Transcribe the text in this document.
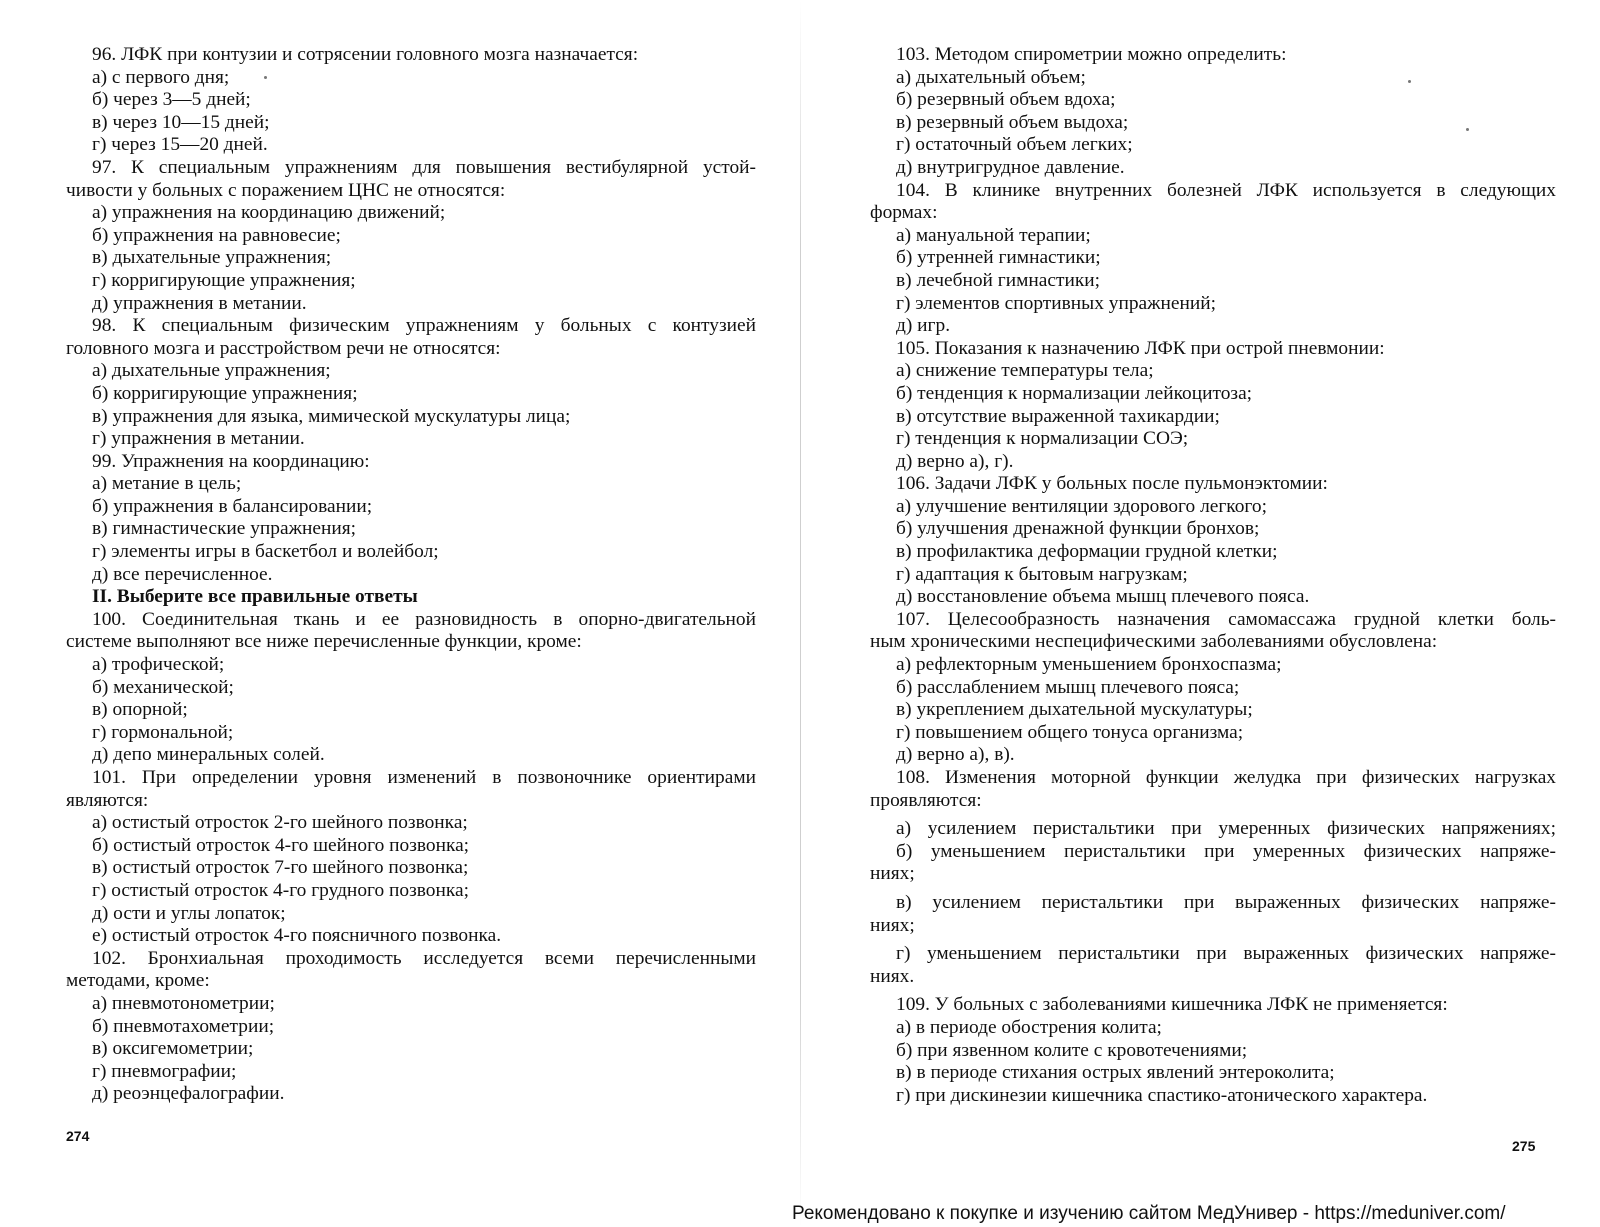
96. ЛФК при контузии и сотрясении головного мозга назначается:
а) с первого дня;
б) через 3—5 дней;
в) через 10—15 дней;
г) через 15—20 дней.
97. К специальным упражнениям для повышения вестибулярной устой-
чивости у больных с поражением ЦНС не относятся:
а) упражнения на координацию движений;
б) упражнения на равновесие;
в) дыхательные упражнения;
г) корригирующие упражнения;
д) упражнения в метании.
98. К специальным физическим упражнениям у больных с контузией
головного мозга и расстройством речи не относятся:
а) дыхательные упражнения;
б) корригирующие упражнения;
в) упражнения для языка, мимической мускулатуры лица;
г) упражнения в метании.
99. Упражнения на координацию:
а) метание в цель;
б) упражнения в балансировании;
в) гимнастические упражнения;
г) элементы игры в баскетбол и волейбол;
д) все перечисленное.
II. Выберите все правильные ответы
100. Соединительная ткань и ее разновидность в опорно-двигательной
системе выполняют все ниже перечисленные функции, кроме:
а) трофической;
б) механической;
в) опорной;
г) гормональной;
д) депо минеральных солей.
101. При определении уровня изменений в позвоночнике ориентирами
являются:
а) остистый отросток 2-го шейного позвонка;
б) остистый отросток 4-го шейного позвонка;
в) остистый отросток 7-го шейного позвонка;
г) остистый отросток 4-го грудного позвонка;
д) ости и углы лопаток;
е) остистый отросток 4-го поясничного позвонка.
102. Бронхиальная проходимость исследуется всеми перечисленными
методами, кроме:
а) пневмотонометрии;
б) пневмотахометрии;
в) оксигемометрии;
г) пневмографии;
д) реоэнцефалографии.
103. Методом спирометрии можно определить:
а) дыхательный объем;
б) резервный объем вдоха;
в) резервный объем выдоха;
г) остаточный объем легких;
д) внутригрудное давление.
104. В клинике внутренних болезней ЛФК используется в следующих
формах:
а) мануальной терапии;
б) утренней гимнастики;
в) лечебной гимнастики;
г) элементов спортивных упражнений;
д) игр.
105. Показания к назначению ЛФК при острой пневмонии:
а) снижение температуры тела;
б) тенденция к нормализации лейкоцитоза;
в) отсутствие выраженной тахикардии;
г) тенденция к нормализации СОЭ;
д) верно а), г).
106. Задачи ЛФК у больных после пульмонэктомии:
а) улучшение вентиляции здорового легкого;
б) улучшения дренажной функции бронхов;
в) профилактика деформации грудной клетки;
г) адаптация к бытовым нагрузкам;
д) восстановление объема мышц плечевого пояса.
107. Целесообразность назначения самомассажа грудной клетки боль-
ным хроническими неспецифическими заболеваниями обусловлена:
а) рефлекторным уменьшением бронхоспазма;
б) расслаблением мышц плечевого пояса;
в) укреплением дыхательной мускулатуры;
г) повышением общего тонуса организма;
д) верно а), в).
108. Изменения моторной функции желудка при физических нагрузках
проявляются:
а) усилением перистальтики при умеренных физических напряжениях;
б) уменьшением перистальтики при умеренных физических напряже-
ниях;
в) усилением перистальтики при выраженных физических напряже-
ниях;
г) уменьшением перистальтики при выраженных физических напряже-
ниях.
109. У больных с заболеваниями кишечника ЛФК не применяется:
а) в периоде обострения колита;
б) при язвенном колите с кровотечениями;
в) в периоде стихания острых явлений энтероколита;
г) при дискинезии кишечника спастико-атонического характера.
274
275
Рекомендовано к покупке и изучению сайтом МедУнивер - https://meduniver.com/
